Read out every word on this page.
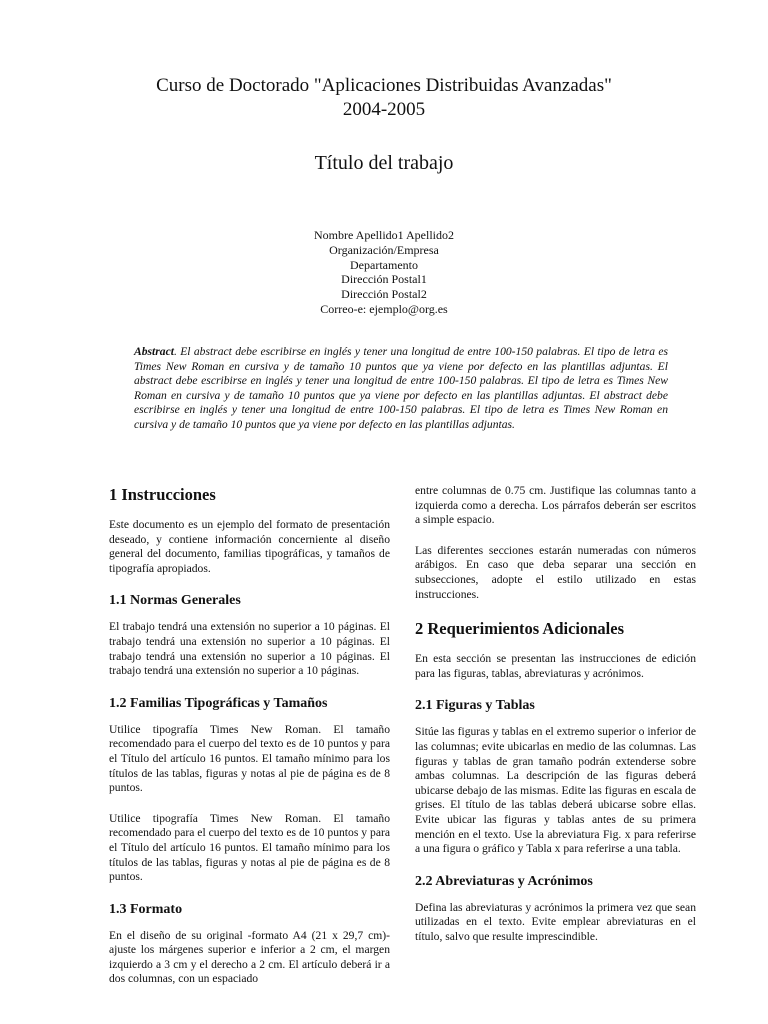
Curso de Doctorado "Aplicaciones Distribuidas Avanzadas"
2004-2005
Título del trabajo
Nombre Apellido1 Apellido2
Organización/Empresa
Departamento
Dirección Postal1
Dirección Postal2
Correo-e: ejemplo@org.es

Abstract. El abstract debe escribirse en inglés y tener una longitud de entre 100-150 palabras. El tipo de letra es Times New Roman en cursiva y de tamaño 10 puntos que ya viene por defecto en las plantillas adjuntas. El abstract debe escribirse en inglés y tener una longitud de entre 100-150 palabras. El tipo de letra es Times New Roman en cursiva y de tamaño 10 puntos que ya viene por defecto en las plantillas adjuntas. El abstract debe escribirse en inglés y tener una longitud de entre 100-150 palabras. El tipo de letra es Times New Roman en cursiva y de tamaño 10 puntos que ya viene por defecto en las plantillas adjuntas.

1 Instrucciones

Este documento es un ejemplo del formato de presentación deseado, y contiene información concerniente al diseño general del documento, familias tipográficas, y tamaños de tipografía apropiados.

1.1 Normas Generales

El trabajo tendrá una extensión no superior a 10 páginas. El trabajo tendrá una extensión no superior a 10 páginas. El trabajo tendrá una extensión no superior a 10 páginas. El trabajo tendrá una extensión no superior a 10 páginas.

1.2 Familias Tipográficas y Tamaños

Utilice tipografía Times New Roman. El tamaño recomendado para el cuerpo del texto es de 10 puntos y para el Título del artículo 16 puntos. El tamaño mínimo para los títulos de las tablas, figuras y notas al pie de página es de 8 puntos.

Utilice tipografía Times New Roman. El tamaño recomendado para el cuerpo del texto es de 10 puntos y para el Título del artículo 16 puntos. El tamaño mínimo para los títulos de las tablas, figuras y notas al pie de página es de 8 puntos.

1.3 Formato

En el diseño de su original -formato A4 (21 x 29,7 cm)- ajuste los márgenes superior e inferior a 2 cm, el margen izquierdo a 3 cm y el derecho a 2 cm. El artículo deberá ir a dos columnas, con un espaciado

entre columnas de 0.75 cm. Justifique las columnas tanto a izquierda como a derecha. Los párrafos deberán ser escritos a simple espacio.

Las diferentes secciones estarán numeradas con números arábigos. En caso que deba separar una sección en subsecciones, adopte el estilo utilizado en estas instrucciones.

2 Requerimientos Adicionales

En esta sección se presentan las instrucciones de edición para las figuras, tablas, abreviaturas y acrónimos.

2.1 Figuras y Tablas

Sitúe las figuras y tablas en el extremo superior o inferior de las columnas; evite ubicarlas en medio de las columnas. Las figuras y tablas de gran tamaño podrán extenderse sobre ambas columnas. La descripción de las figuras deberá ubicarse debajo de las mismas. Edite las figuras en escala de grises. El título de las tablas deberá ubicarse sobre ellas. Evite ubicar las figuras y tablas antes de su primera mención en el texto. Use la abreviatura Fig. x para referirse a una figura o gráfico y Tabla x para referirse a una tabla.

2.2 Abreviaturas y Acrónimos

Defina las abreviaturas y acrónimos la primera vez que sean utilizadas en el texto. Evite emplear abreviaturas en el título, salvo que resulte imprescindible.
